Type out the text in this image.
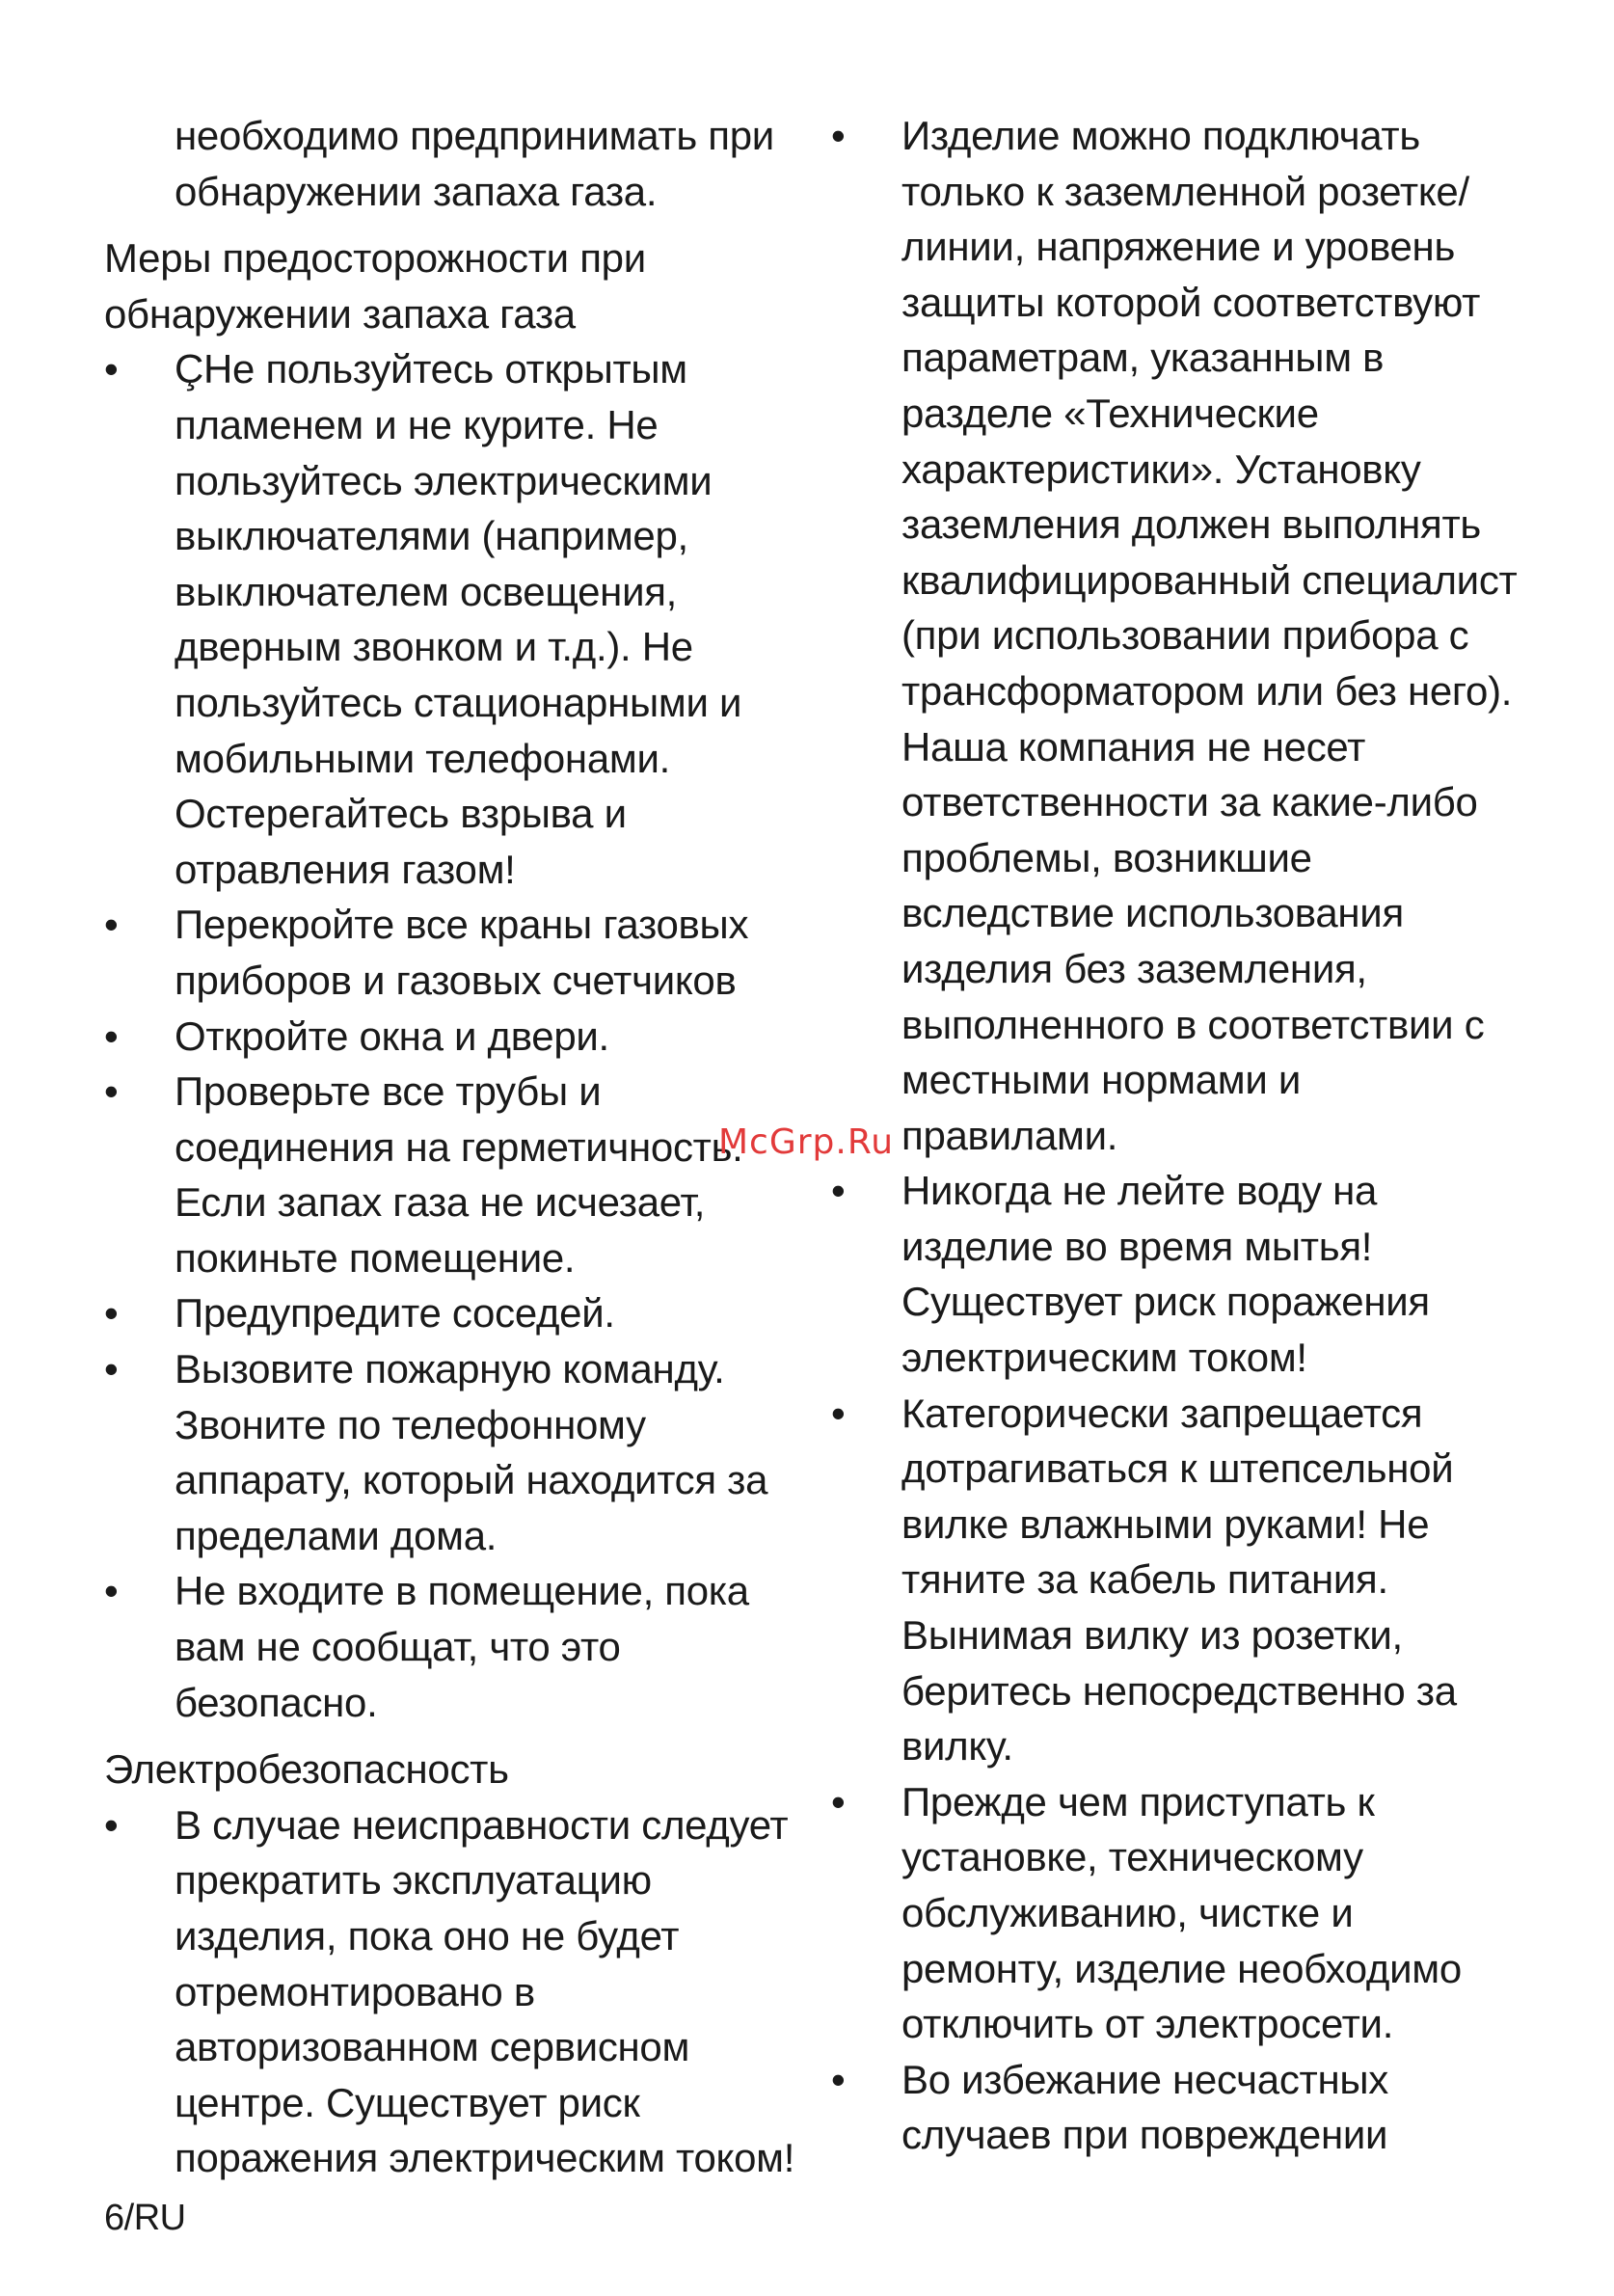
необходимо предпринимать при обнаружении запаха газа.

Меры предосторожности при обнаружении запаха газа

•	ÇНе пользуйтесь открытым пламенем и не курите. Не пользуйтесь электрическими выключателями (например, выключателем освещения, дверным звонком и т.д.). Не пользуйтесь стационарными и мобильными телефонами. Остерегайтесь взрыва и отравления газом!
•	Перекройте все краны газовых приборов и газовых счетчиков
•	Откройте окна и двери.
•	Проверьте все трубы и соединения на герметичность. Если запах газа не исчезает, покиньте помещение.
•	Предупредите соседей.
•	Вызовите пожарную команду. Звоните по телефонному аппарату, который находится за пределами дома.
•	Не входите в помещение, пока вам не сообщат, что это безопасно.

Электробезопасность

•	В случае неисправности следует прекратить эксплуатацию изделия, пока оно не будет отремонтировано в авторизованном сервисном центре. Существует риск поражения электрическим током!
•	Изделие можно подключать только к заземленной розетке/линии, напряжение и уровень защиты которой соответствуют параметрам, указанным в разделе «Технические характеристики». Установку заземления должен выполнять квалифицированный специалист (при использовании прибора с трансформатором или без него). Наша компания не несет ответственности за какие-либо проблемы, возникшие вследствие использования изделия без заземления, выполненного в соответствии с местными нормами и правилами.
•	Никогда не лейте воду на изделие во время мытья! Существует риск поражения электрическим током!
•	Категорически запрещается дотрагиваться к штепсельной вилке влажными руками! Не тяните за кабель питания. Вынимая вилку из розетки, беритесь непосредственно за вилку.
•	Прежде чем приступать к установке, техническому обслуживанию, чистке и ремонту, изделие необходимо отключить от электросети.
•	Во избежание несчастных случаев при повреждении
McGrp.Ru
6/RU
